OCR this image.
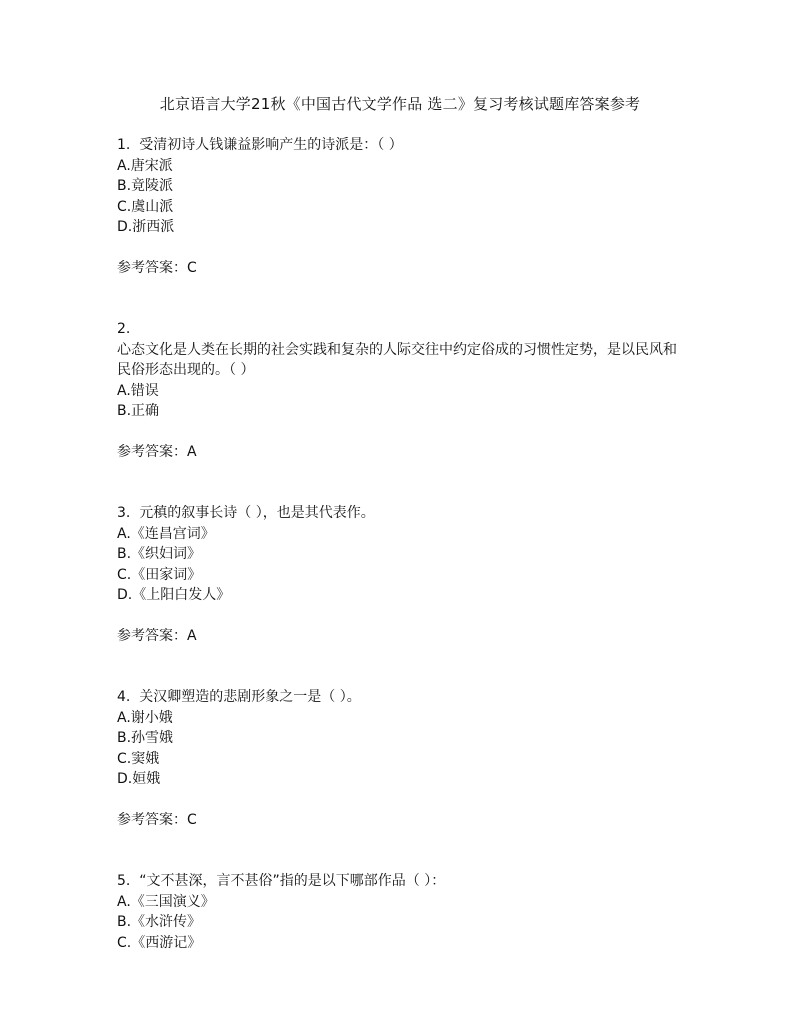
北京语言大学21秋《中国古代文学作品 选二》复习考核试题库答案参考
1. 受清初诗人钱谦益影响产生的诗派是：（ ）
A.唐宋派
B.竟陵派
C.虞山派
D.浙西派
参考答案：C
2.
心态文化是人类在长期的社会实践和复杂的人际交往中约定俗成的习惯性定势，是以民风和民俗形态出现的。（ ）
A.错误
B.正确
参考答案：A
3. 元稹的叙事长诗（ ），也是其代表作。
A.《连昌宫词》
B.《织妇词》
C.《田家词》
D.《上阳白发人》
参考答案：A
4. 关汉卿塑造的悲剧形象之一是（ ）。
A.谢小娥
B.孙雪娥
C.窦娥
D.姮娥
参考答案：C
5. “文不甚深，言不甚俗”指的是以下哪部作品（ ）：
A.《三国演义》
B.《水浒传》
C.《西游记》
